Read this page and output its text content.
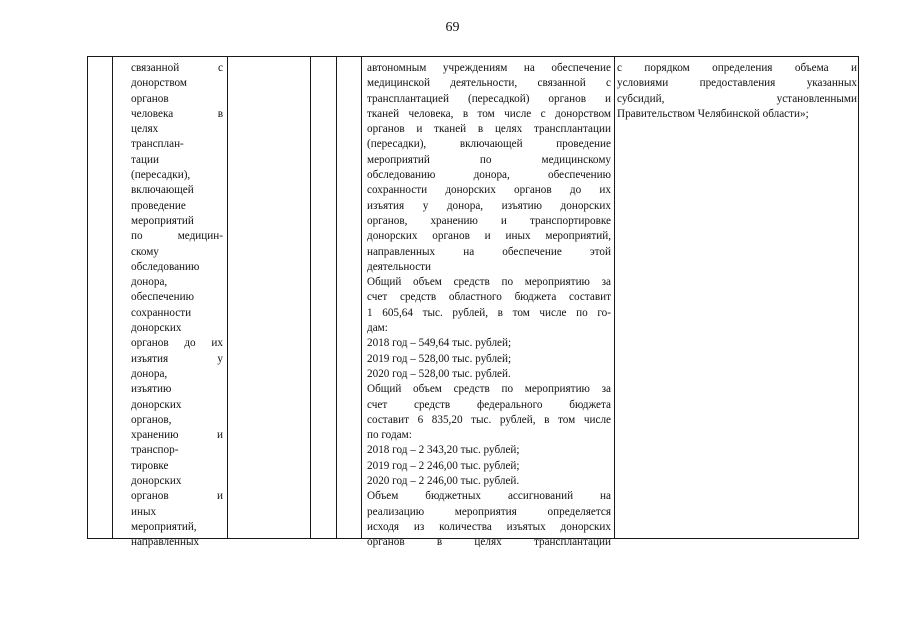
69
связанной с
донорством
органов
человека в
целях
трансплан-
тации
(пересадки),
включающей
проведение
мероприятий
по медицин-
скому
обследованию
донора,
обеспечению
сохранности
донорских
органов до их
изъятия у
донора,
изъятию
донорских
органов,
хранению и
транспор-
тировке
донорских
органов и
иных
мероприятий,
направленных
автономным учреждениям на обеспечение
медицинской деятельности, связанной с
трансплантацией (пересадкой) органов и
тканей человека, в том числе с донорством
органов и тканей в целях трансплантации
(пересадки), включающей проведение
мероприятий по медицинскому
обследованию донора, обеспечению
сохранности донорских органов до их
изъятия у донора, изъятию донорских
органов, хранению и транспортировке
донорских органов и иных мероприятий,
направленных на обеспечение этой
деятельности
Общий объем средств по мероприятию за
счет средств областного бюджета составит
1 605,64 тыс. рублей, в том числе по го-
дам:
2018 год – 549,64 тыс. рублей;
2019 год – 528,00 тыс. рублей;
2020 год – 528,00 тыс. рублей.
Общий объем средств по мероприятию за
счет средств федерального бюджета
составит 6 835,20 тыс. рублей, в том числе
по годам:
2018 год – 2 343,20 тыс. рублей;
2019 год – 2 246,00 тыс. рублей;
2020 год – 2 246,00 тыс. рублей.
Объем бюджетных ассигнований на
реализацию мероприятия определяется
исходя из количества изъятых донорских
органов в целях трансплантации
с порядком определения объема и
условиями предоставления указанных
субсидий, установленными
Правительством Челябинской области»;
